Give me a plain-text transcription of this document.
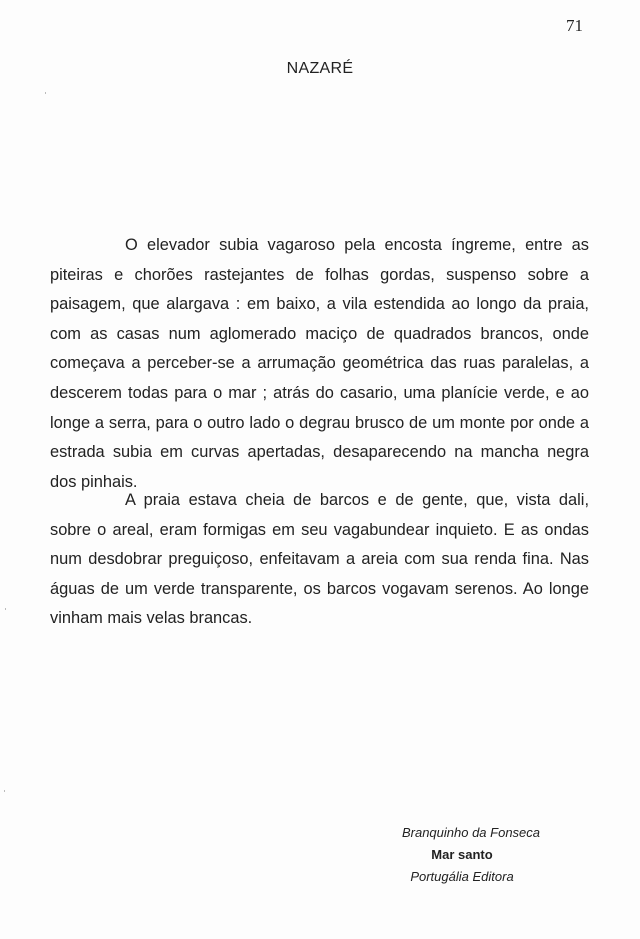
71
NAZARÉ

O elevador subia vagaroso pela encosta íngreme, entre as piteiras e chorões rastejantes de folhas gordas, suspenso sobre a paisagem, que alargava : em baixo, a vila estendida ao longo da praia, com as casas num aglomerado maciço de quadrados brancos, onde começava a perceber-se a arrumação geométrica das ruas paralelas, a descerem todas para o mar ; atrás do casario, uma planície verde, e ao longe a serra, para o outro lado o degrau brusco de um monte por onde a estrada subia em curvas apertadas, desaparecendo na mancha negra dos pinhais.

A praia estava cheia de barcos e de gente, que, vista dali, sobre o areal, eram formigas em seu vagabundear inquieto. E as ondas num desdobrar preguiçoso, enfeitavam a areia com sua renda fina. Nas águas de um verde transparente, os barcos vogavam serenos. Ao longe vinham mais velas brancas.

Branquinho da Fonseca
Mar santo
Portugália Editora
